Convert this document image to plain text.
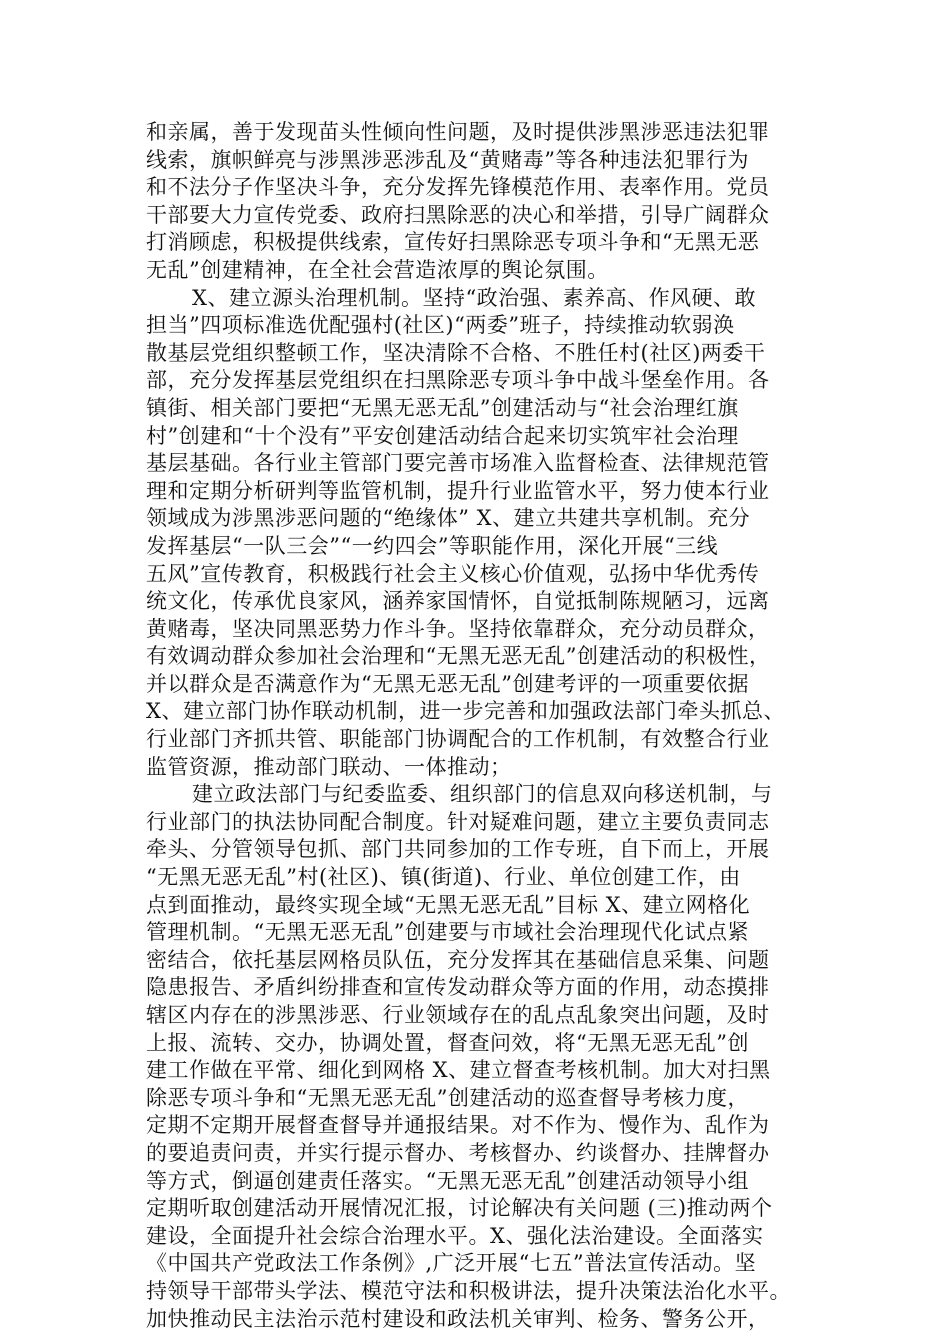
和亲属，善于发现苗头性倾向性问题，及时提供涉黑涉恶违法犯罪
线索，旗帜鲜亮与涉黑涉恶涉乱及“黄赌毒”等各种违法犯罪行为
和不法分子作坚决斗争，充分发挥先锋模范作用、表率作用。党员
干部要大力宣传党委、政府扫黑除恶的决心和举措，引导广阔群众
打消顾虑，积极提供线索，宣传好扫黑除恶专项斗争和“无黑无恶
无乱”创建精神，在全社会营造浓厚的舆论氛围。
X、建立源头治理机制。坚持“政治强、素养高、作风硬、敢
担当”四项标准选优配强村(社区)“两委”班子，持续推动软弱涣
散基层党组织整顿工作，坚决清除不合格、不胜任村(社区)两委干
部，充分发挥基层党组织在扫黑除恶专项斗争中战斗堡垒作用。各
镇街、相关部门要把“无黑无恶无乱”创建活动与“社会治理红旗
村”创建和“十个没有”平安创建活动结合起来切实筑牢社会治理
基层基础。各行业主管部门要完善市场准入监督检查、法律规范管
理和定期分析研判等监管机制，提升行业监管水平，努力使本行业
领域成为涉黑涉恶问题的“绝缘体” X、建立共建共享机制。充分
发挥基层“一队三会”“一约四会”等职能作用，深化开展“三线
五风”宣传教育，积极践行社会主义核心价值观，弘扬中华优秀传
统文化，传承优良家风，涵养家国情怀，自觉抵制陈规陋习，远离
黄赌毒，坚决同黑恶势力作斗争。坚持依靠群众，充分动员群众，
有效调动群众参加社会治理和“无黑无恶无乱”创建活动的积极性，
并以群众是否满意作为“无黑无恶无乱”创建考评的一项重要依据
X、建立部门协作联动机制，进一步完善和加强政法部门牵头抓总、
行业部门齐抓共管、职能部门协调配合的工作机制，有效整合行业
监管资源，推动部门联动、一体推动；
建立政法部门与纪委监委、组织部门的信息双向移送机制，与
行业部门的执法协同配合制度。针对疑难问题，建立主要负责同志
牵头、分管领导包抓、部门共同参加的工作专班，自下而上，开展
“无黑无恶无乱”村(社区)、镇(街道)、行业、单位创建工作，由
点到面推动，最终实现全域“无黑无恶无乱”目标 X、建立网格化
管理机制。“无黑无恶无乱”创建要与市域社会治理现代化试点紧
密结合，依托基层网格员队伍，充分发挥其在基础信息采集、问题
隐患报告、矛盾纠纷排查和宣传发动群众等方面的作用，动态摸排
辖区内存在的涉黑涉恶、行业领域存在的乱点乱象突出问题，及时
上报、流转、交办，协调处置，督查问效，将“无黑无恶无乱”创
建工作做在平常、细化到网格 X、建立督查考核机制。加大对扫黑
除恶专项斗争和“无黑无恶无乱”创建活动的巡查督导考核力度，
定期不定期开展督查督导并通报结果。对不作为、慢作为、乱作为
的要追责问责，并实行提示督办、考核督办、约谈督办、挂牌督办
等方式，倒逼创建责任落实。“无黑无恶无乱”创建活动领导小组
定期听取创建活动开展情况汇报，讨论解决有关问题 (三)推动两个
建设，全面提升社会综合治理水平。X、强化法治建设。全面落实
《中国共产党政法工作条例》,广泛开展“七五”普法宣传活动。坚
持领导干部带头学法、模范守法和积极讲法，提升决策法治化水平。
加快推动民主法治示范村建设和政法机关审判、检务、警务公开，
